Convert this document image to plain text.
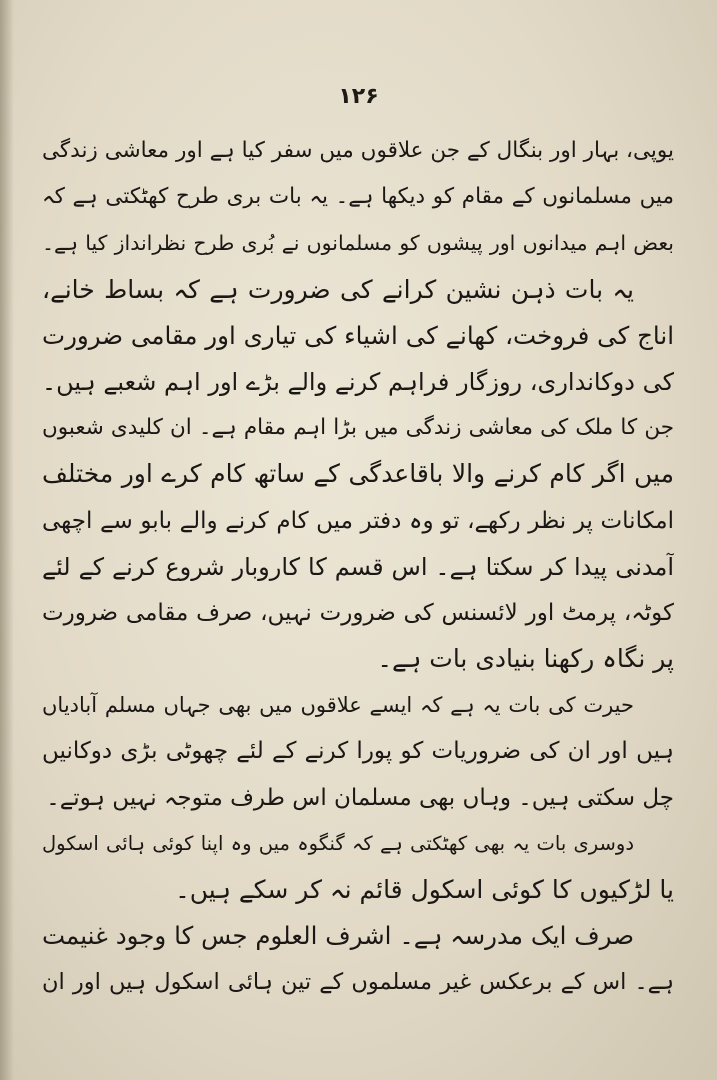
۱۲۶
یوپی، بہار اور بنگال کے جن علاقوں میں سفر کیا ہے اور معاشی زندگی
میں مسلمانوں کے مقام کو دیکھا ہے۔ یہ بات بری طرح کھٹکتی ہے کہ
بعض اہم میدانوں اور پیشوں کو مسلمانوں نے بُری طرح نظرانداز کیا ہے۔
یہ بات ذہن نشین کرانے کی ضرورت ہے کہ بساط خانے،
اناج کی فروخت، کھانے کی اشیاء کی تیاری اور مقامی ضرورت
کی دوکانداری، روزگار فراہم کرنے والے بڑے اور اہم شعبے ہیں۔
جن کا ملک کی معاشی زندگی میں بڑا اہم مقام ہے۔ ان کلیدی شعبوں
میں اگر کام کرنے والا باقاعدگی کے ساتھ کام کرے اور مختلف
امکانات پر نظر رکھے، تو وہ دفتر میں کام کرنے والے بابو سے اچھی
آمدنی پیدا کر سکتا ہے۔ اس قسم کا کاروبار شروع کرنے کے لئے
کوٹہ، پرمٹ اور لائسنس کی ضرورت نہیں، صرف مقامی ضرورت
پر نگاہ رکھنا بنیادی بات ہے۔
حیرت کی بات یہ ہے کہ ایسے علاقوں میں بھی جہاں مسلم آبادیاں
ہیں اور ان کی ضروریات کو پورا کرنے کے لئے چھوٹی بڑی دوکانیں
چل سکتی ہیں۔ وہاں بھی مسلمان اس طرف متوجہ نہیں ہوتے۔
دوسری بات یہ بھی کھٹکتی ہے کہ گنگوہ میں وہ اپنا کوئی ہائی اسکول
یا لڑکیوں کا کوئی اسکول قائم نہ کر سکے ہیں۔
صرف ایک مدرسہ ہے۔ اشرف العلوم جس کا وجود غنیمت
ہے۔ اس کے برعکس غیر مسلموں کے تین ہائی اسکول ہیں اور ان
